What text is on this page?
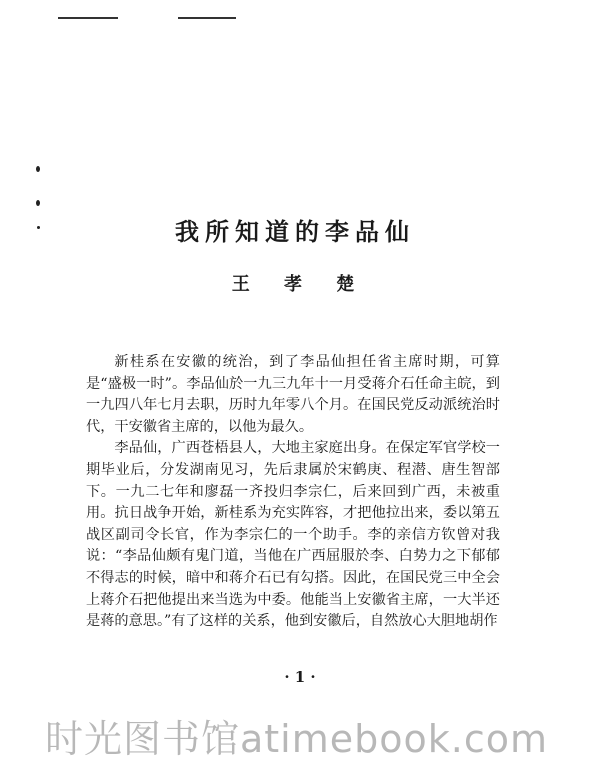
我所知道的李品仙
王 孝 楚

新桂系在安徽的统治，到了李品仙担任省主席时期，可算是“盛极一时”。李品仙於一九三九年十一月受蒋介石任命主皖，到一九四八年七月去职，历时九年零八个月。在国民党反动派统治时代，干安徽省主席的，以他为最久。

李品仙，广西苍梧县人，大地主家庭出身。在保定军官学校一期毕业后，分发湖南见习，先后隶属於宋鹤庚、程潜、唐生智部下。一九二七年和廖磊一齐投归李宗仁，后来回到广西，未被重用。抗日战争开始，新桂系为充实阵容，才把他拉出来，委以第五战区副司令长官，作为李宗仁的一个助手。李的亲信方钦曾对我说：“李品仙颇有鬼门道，当他在广西屈服於李、白势力之下郁郁不得志的时候，暗中和蒋介石已有勾搭。因此，在国民党三中全会上蒋介石把他提出来当选为中委。他能当上安徽省主席，一大半还是蒋的意思。”有了这样的关系，他到安徽后，自然放心大胆地胡作

· 1 ·
时光图书馆atimebook.com
